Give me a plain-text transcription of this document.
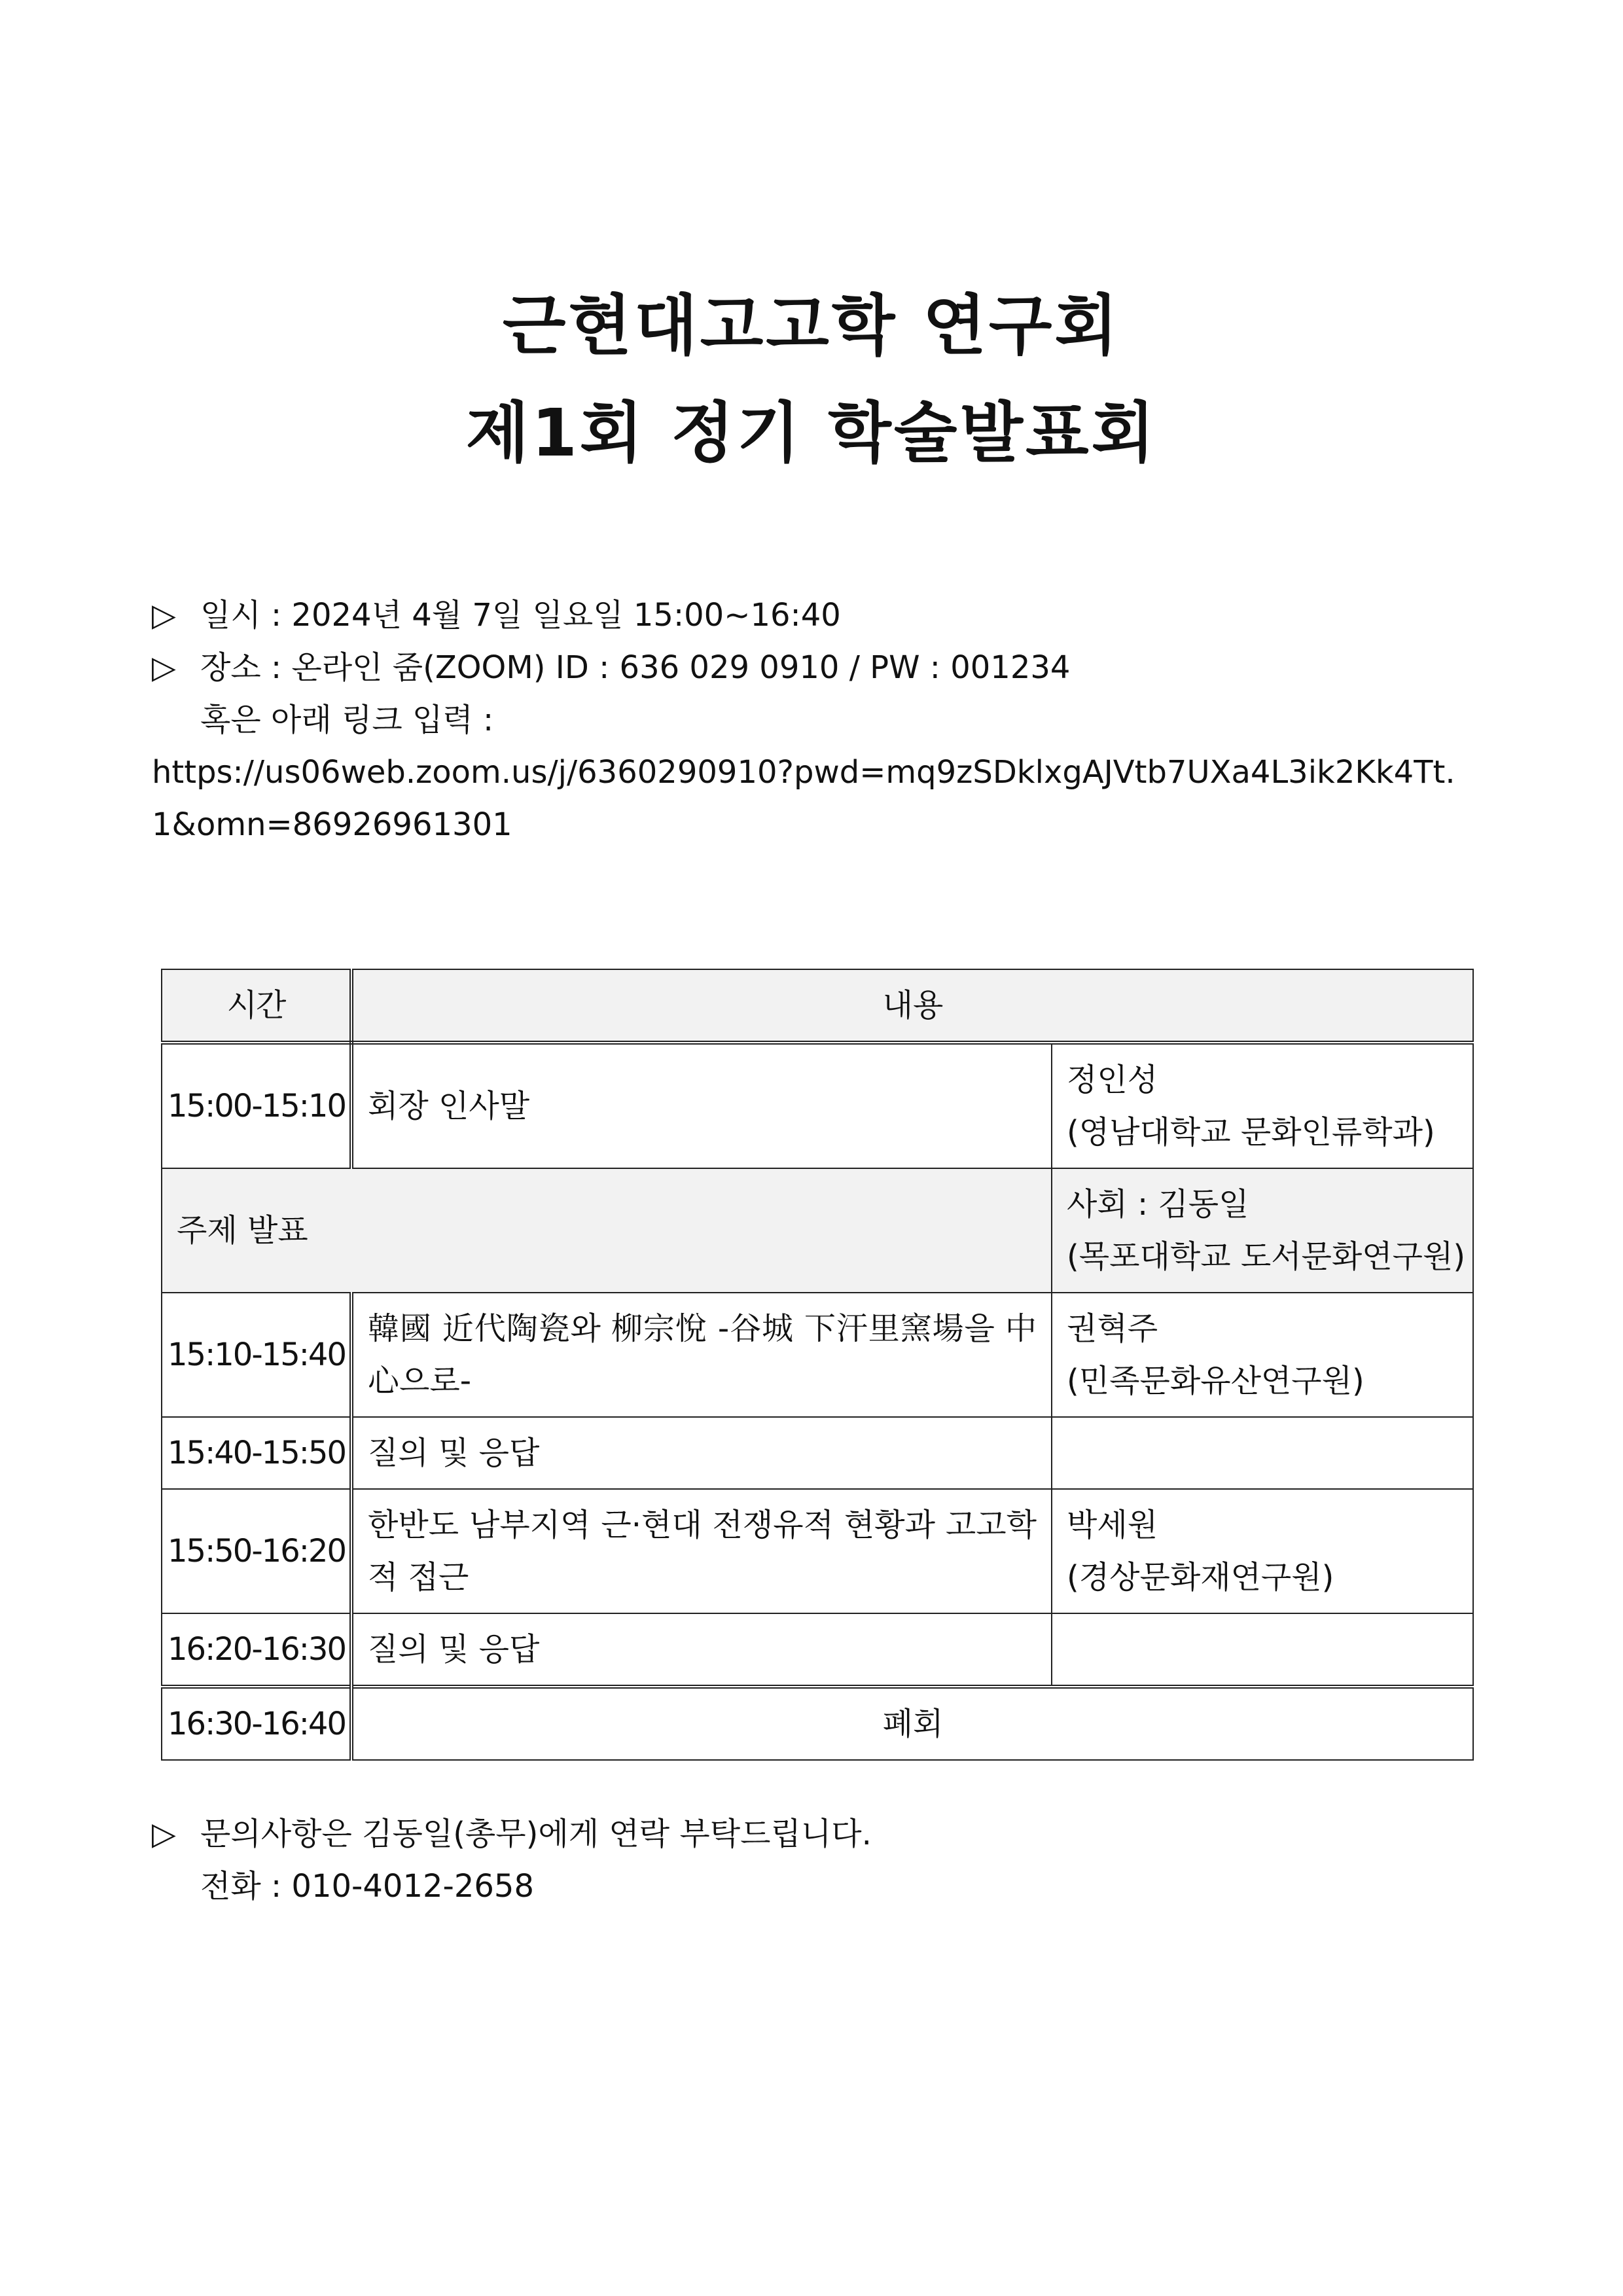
근현대고고학 연구회
제1회 정기 학술발표회
▷ 일시 : 2024년 4월 7일 일요일 15:00~16:40
▷ 장소 : 온라인 줌(ZOOM) ID : 636 029 0910 / PW : 001234
혹은 아래 링크 입력 :
https://us06web.zoom.us/j/6360290910?pwd=mq9zSDklxgAJVtb7UXa4L3ik2Kk4Tt.1&omn=86926961301
시간	내용	
15:00-15:10	회장 인사말	정인성
(영남대학교 문화인류학과)

주제 발표		사회 : 김동일
(목포대학교 도서문화연구원)

15:10-15:40	韓國 近代陶瓷와 柳宗悅 -谷城 下汗里窯場을 中心으로-	권혁주
(민족문화유산연구원)

15:40-15:50	질의 및 응답	
15:50-16:20	한반도 남부지역 근·현대 전쟁유적 현황과 고고학적 접근	박세원
(경상문화재연구원)

16:20-16:30	질의 및 응답	
16:30-16:40	폐회	
▷ 문의사항은 김동일(총무)에게 연락 부탁드립니다.
전화 : 010-4012-2658
